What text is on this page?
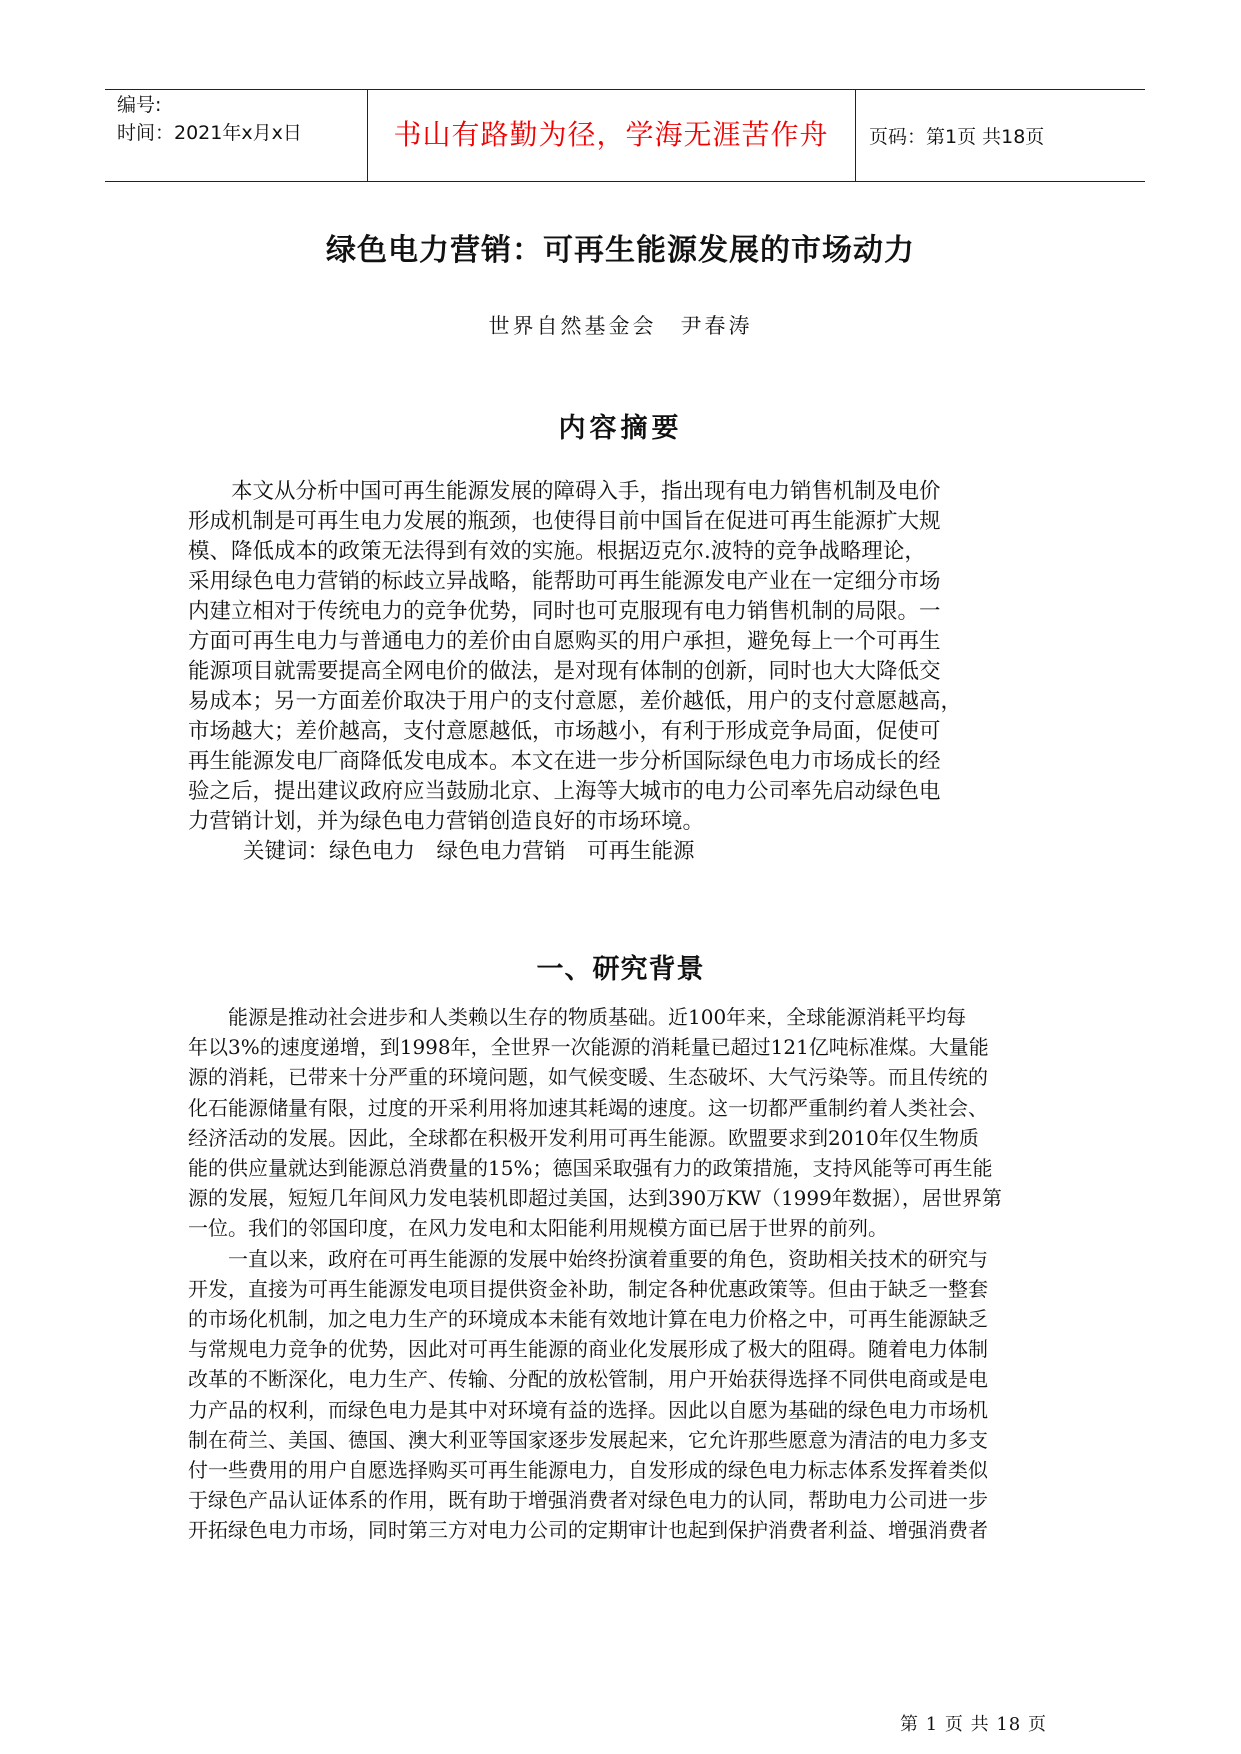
编号:
时间：2021年x月x日	书山有路勤为径，学海无涯苦作舟	页码：第1页 共18页
绿色电力营销：可再生能源发展的市场动力
世界自然基金会　尹春涛
内容摘要
　　本文从分析中国可再生能源发展的障碍入手，指出现有电力销售机制及电价
形成机制是可再生电力发展的瓶颈，也使得目前中国旨在促进可再生能源扩大规
模、降低成本的政策无法得到有效的实施。根据迈克尔.波特的竞争战略理论，
采用绿色电力营销的标歧立异战略，能帮助可再生能源发电产业在一定细分市场
内建立相对于传统电力的竞争优势，同时也可克服现有电力销售机制的局限。一
方面可再生电力与普通电力的差价由自愿购买的用户承担，避免每上一个可再生
能源项目就需要提高全网电价的做法，是对现有体制的创新，同时也大大降低交
易成本；另一方面差价取决于用户的支付意愿，差价越低，用户的支付意愿越高，
市场越大；差价越高，支付意愿越低，市场越小，有利于形成竞争局面，促使可
再生能源发电厂商降低发电成本。本文在进一步分析国际绿色电力市场成长的经
验之后，提出建议政府应当鼓励北京、上海等大城市的电力公司率先启动绿色电
力营销计划，并为绿色电力营销创造良好的市场环境。
关键词：绿色电力　绿色电力营销　可再生能源
一、研究背景
　　能源是推动社会进步和人类赖以生存的物质基础。近100年来，全球能源消耗平均每
年以3%的速度递增，到1998年，全世界一次能源的消耗量已超过121亿吨标准煤。大量能
源的消耗，已带来十分严重的环境问题，如气候变暖、生态破坏、大气污染等。而且传统的
化石能源储量有限，过度的开采利用将加速其耗竭的速度。这一切都严重制约着人类社会、
经济活动的发展。因此，全球都在积极开发利用可再生能源。欧盟要求到2010年仅生物质
能的供应量就达到能源总消费量的15%；德国采取强有力的政策措施，支持风能等可再生能
源的发展，短短几年间风力发电装机即超过美国，达到390万KW（1999年数据），居世界第
一位。我们的邻国印度，在风力发电和太阳能利用规模方面已居于世界的前列。
　　一直以来，政府在可再生能源的发展中始终扮演着重要的角色，资助相关技术的研究与
开发，直接为可再生能源发电项目提供资金补助，制定各种优惠政策等。但由于缺乏一整套
的市场化机制，加之电力生产的环境成本未能有效地计算在电力价格之中，可再生能源缺乏
与常规电力竞争的优势，因此对可再生能源的商业化发展形成了极大的阻碍。随着电力体制
改革的不断深化，电力生产、传输、分配的放松管制，用户开始获得选择不同供电商或是电
力产品的权利，而绿色电力是其中对环境有益的选择。因此以自愿为基础的绿色电力市场机
制在荷兰、美国、德国、澳大利亚等国家逐步发展起来，它允许那些愿意为清洁的电力多支
付一些费用的用户自愿选择购买可再生能源电力，自发形成的绿色电力标志体系发挥着类似
于绿色产品认证体系的作用，既有助于增强消费者对绿色电力的认同，帮助电力公司进一步
开拓绿色电力市场，同时第三方对电力公司的定期审计也起到保护消费者利益、增强消费者
第 1 页 共 18 页
